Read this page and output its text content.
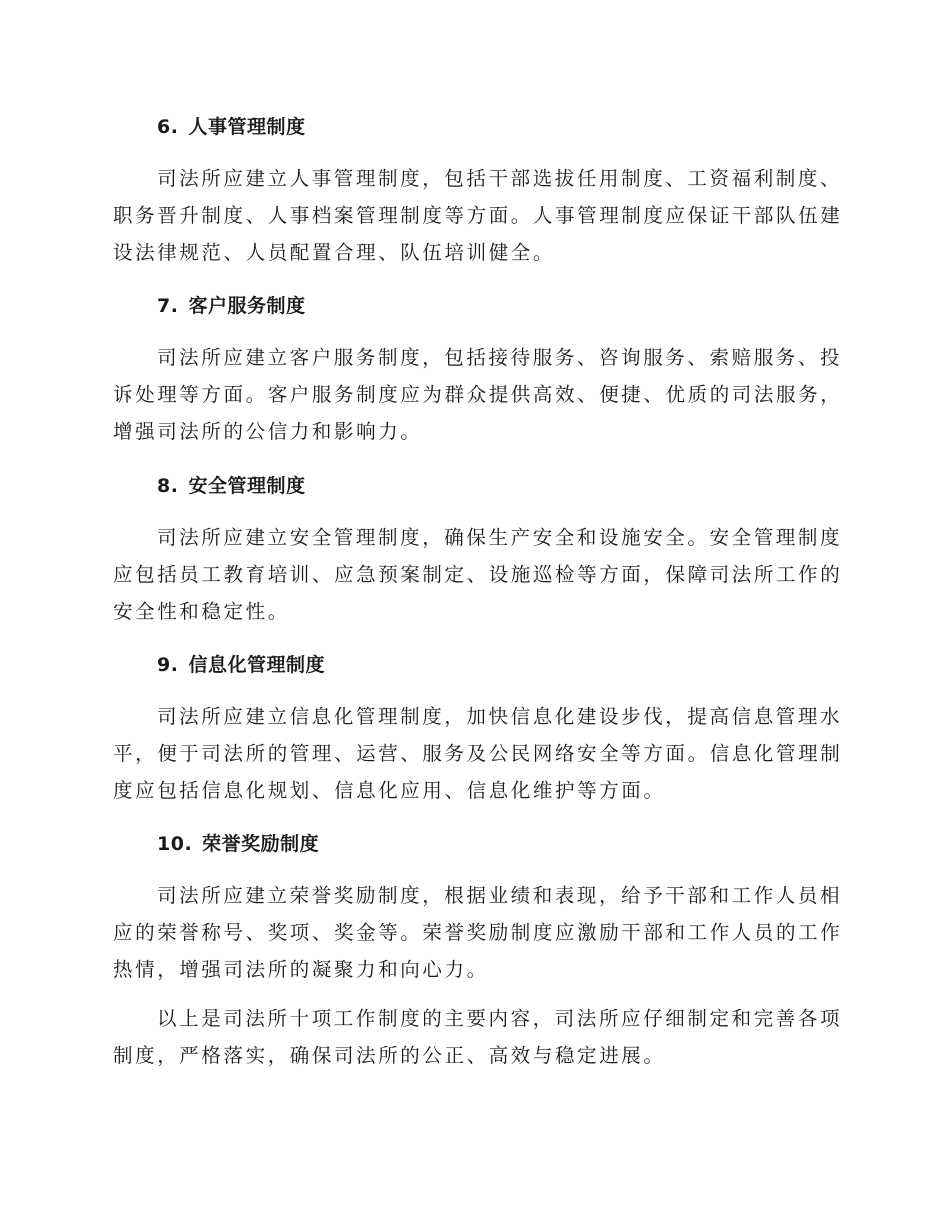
6. 人事管理制度
司法所应建立人事管理制度，包括干部选拔任用制度、工资福利制度、
职务晋升制度、人事档案管理制度等方面。人事管理制度应保证干部队伍建
设法律规范、人员配置合理、队伍培训健全。
7. 客户服务制度
司法所应建立客户服务制度，包括接待服务、咨询服务、索赔服务、投
诉处理等方面。客户服务制度应为群众提供高效、便捷、优质的司法服务，
增强司法所的公信力和影响力。
8. 安全管理制度
司法所应建立安全管理制度，确保生产安全和设施安全。安全管理制度
应包括员工教育培训、应急预案制定、设施巡检等方面，保障司法所工作的
安全性和稳定性。
9. 信息化管理制度
司法所应建立信息化管理制度，加快信息化建设步伐，提高信息管理水
平，便于司法所的管理、运营、服务及公民网络安全等方面。信息化管理制
度应包括信息化规划、信息化应用、信息化维护等方面。
10. 荣誉奖励制度
司法所应建立荣誉奖励制度，根据业绩和表现，给予干部和工作人员相
应的荣誉称号、奖项、奖金等。荣誉奖励制度应激励干部和工作人员的工作
热情，增强司法所的凝聚力和向心力。
以上是司法所十项工作制度的主要内容，司法所应仔细制定和完善各项
制度，严格落实，确保司法所的公正、高效与稳定进展。
